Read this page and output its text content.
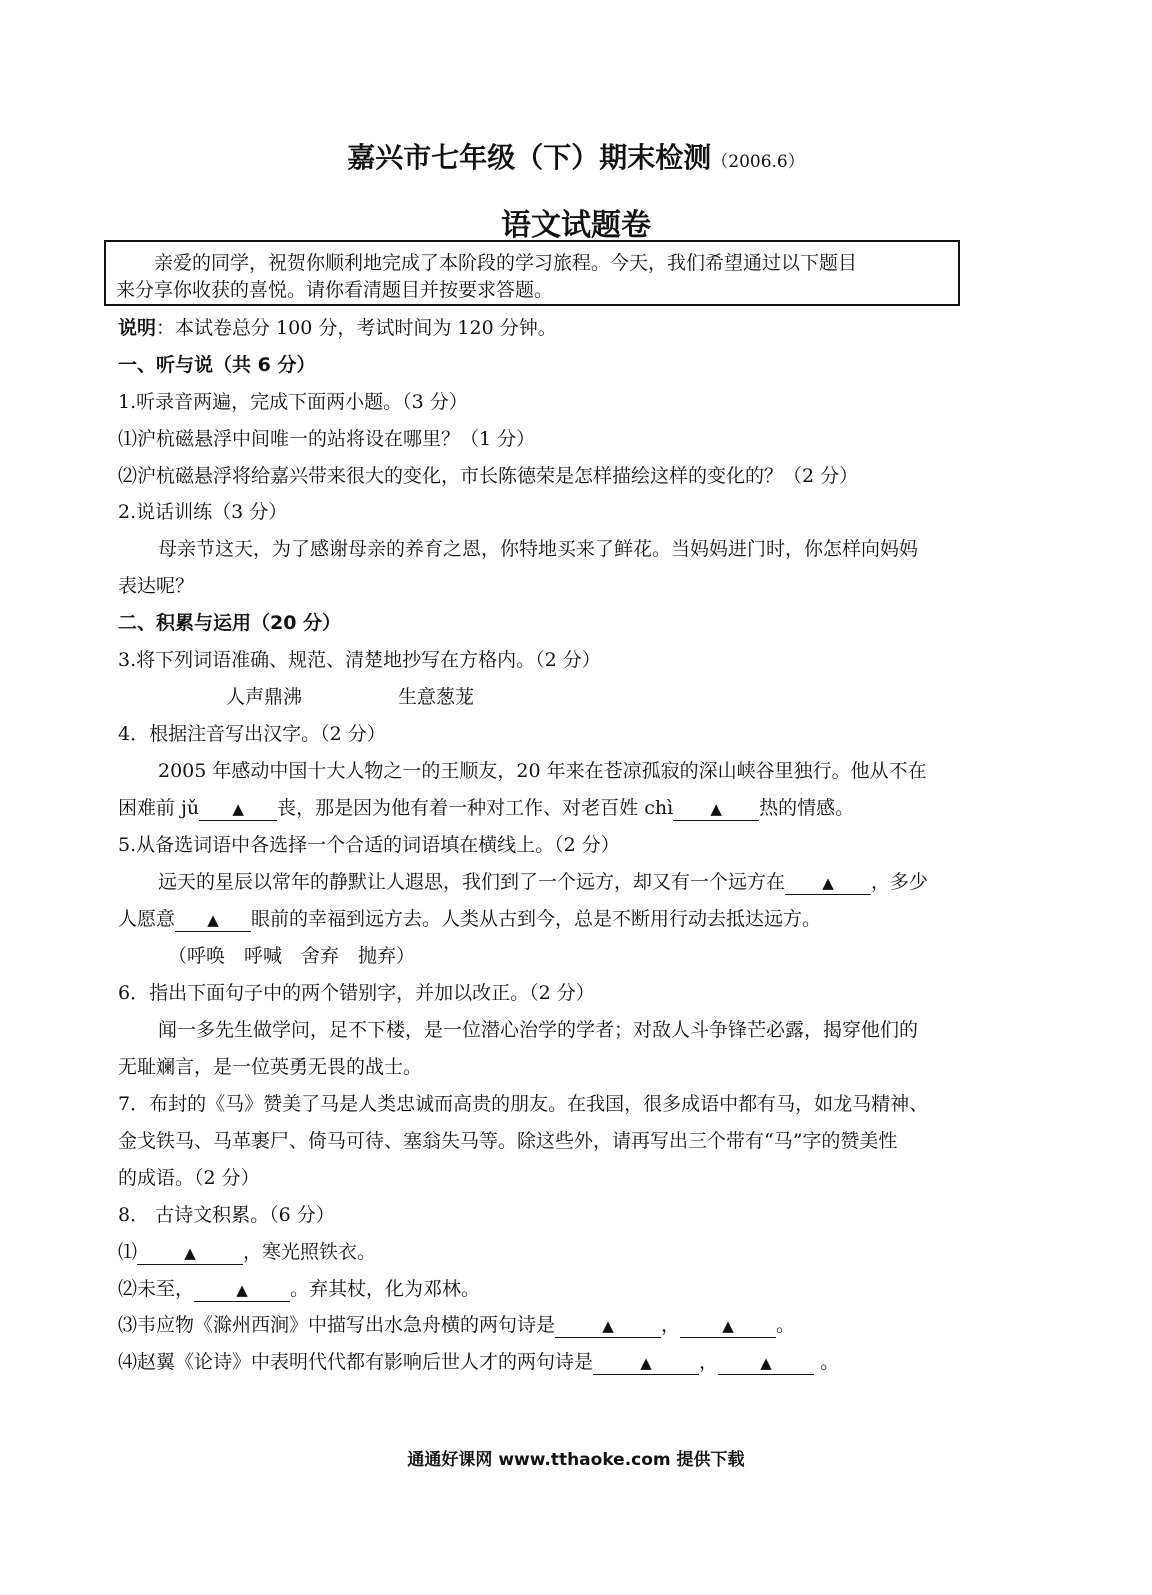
嘉兴市七年级（下）期末检测（2006.6）
语文试题卷

亲爱的同学，祝贺你顺利地完成了本阶段的学习旅程。今天，我们希望通过以下题目

来分享你收获的喜悦。请你看清题目并按要求答题。

说明：本试卷总分 100 分，考试时间为 120 分钟。
一、听与说（共 6 分）
1.听录音两遍，完成下面两小题。（3 分）
⑴沪杭磁悬浮中间唯一的站将设在哪里？（1 分）
⑵沪杭磁悬浮将给嘉兴带来很大的变化，市长陈德荣是怎样描绘这样的变化的？（2 分）
2.说话训练（3 分）
母亲节这天，为了感谢母亲的养育之恩，你特地买来了鲜花。当妈妈进门时，你怎样向妈妈
表达呢？
二、积累与运用（20 分）
3.将下列词语准确、规范、清楚地抄写在方格内。（2 分）
人声鼎沸	生意葱茏
4．根据注音写出汉字。（2 分）
2005 年感动中国十大人物之一的王顺友，20 年来在苍凉孤寂的深山峡谷里独行。他从不在
困难前 jǔ ▲ 丧，那是因为他有着一种对工作、对老百姓 chì ▲ 热的情感。
5.从备选词语中各选择一个合适的词语填在横线上。（2 分）
远天的星辰以常年的静默让人遐思，我们到了一个远方，却又有一个远方在 ▲ ，多少
人愿意 ▲ 眼前的幸福到远方去。人类从古到今，总是不断用行动去抵达远方。
（呼唤　呼喊　舍弃　抛弃）
6．指出下面句子中的两个错别字，并加以改正。（2 分）
闻一多先生做学问，足不下楼，是一位潜心治学的学者；对敌人斗争锋芒必露，揭穿他们的
无耻斓言，是一位英勇无畏的战士。
7．布封的《马》赞美了马是人类忠诚而高贵的朋友。在我国，很多成语中都有马，如龙马精神、
金戈铁马、马革裹尸、倚马可待、塞翁失马等。除这些外，请再写出三个带有“马”字的赞美性
的成语。（2 分）
8． 古诗文积累。（6 分）
⑴	▲ ，寒光照铁衣。
⑵未至，	▲ 。弃其杖，化为邓林。
⑶韦应物《滁州西涧》中描写出水急舟横的两句诗是	▲ ，	▲ 。
⑷赵翼《论诗》中表明代代都有影响后世人才的两句诗是	▲ ，	▲ 。
通通好课网 www.tthaoke.com 提供下载
